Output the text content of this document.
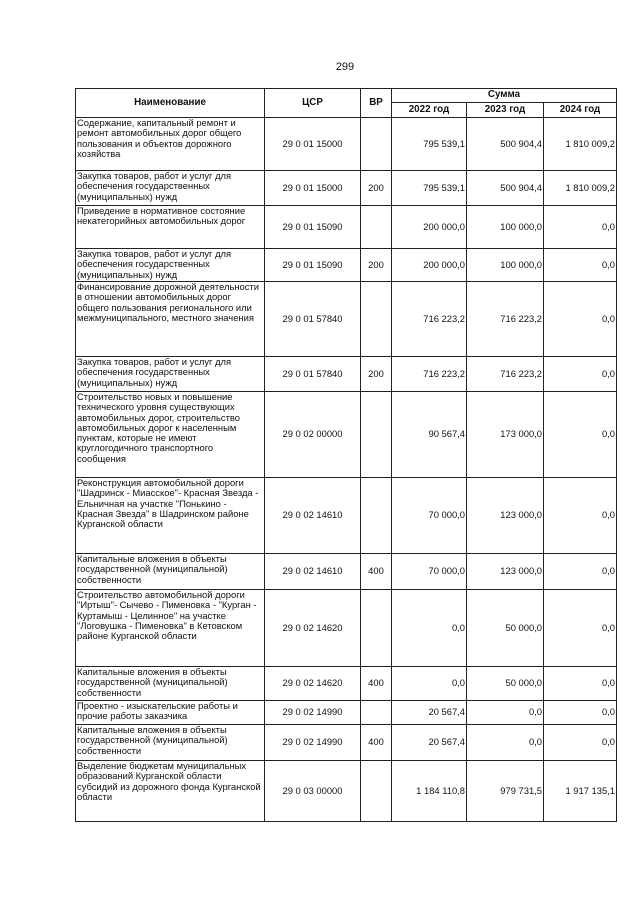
299
Наименование	ЦСР	ВР	Сумма		
			2022 год	2023 год	2024 год
Содержание, капитальный ремонт и ремонт автомобильных дорог общего пользования и объектов дорожного хозяйства	29 0 01 15000		795 539,1	500 904,4	1 810 009,2
Закупка товаров, работ и услуг для обеспечения государственных (муниципальных) нужд	29 0 01 15000	200	795 539,1	500 904,4	1 810 009,2
Приведение в нормативное состояние некатегорийных автомобильных дорог	29 0 01 15090		200 000,0	100 000,0	0,0
Закупка товаров, работ и услуг для обеспечения государственных (муниципальных) нужд	29 0 01 15090	200	200 000,0	100 000,0	0,0
Финансирование дорожной деятельности в отношении автомобильных дорог общего пользования регионального или межмуниципального, местного значения	29 0 01 57840		716 223,2	716 223,2	0,0
Закупка товаров, работ и услуг для обеспечения государственных (муниципальных) нужд	29 0 01 57840	200	716 223,2	716 223,2	0,0
Строительство новых и повышение технического уровня существующих автомобильных дорог, строительство автомобильных дорог к населенным пунктам, которые не имеют круглогодичного транспортного сообщения	29 0 02 00000		90 567,4	173 000,0	0,0
Реконструкция автомобильной дороги "Шадринск - Миасское"- Красная Звезда - Ельничная на участке "Понькино - Красная Звезда" в Шадринском районе Курганской области	29 0 02 14610		70 000,0	123 000,0	0,0
Капитальные вложения в объекты государственной (муниципальной) собственности	29 0 02 14610	400	70 000,0	123 000,0	0,0
Строительство автомобильной дороги "Иртыш"- Сычево - Пименовка - "Курган - Куртамыш - Целинное" на участке "Логовушка - Пименовка" в Кетовском районе Курганской области	29 0 02 14620		0,0	50 000,0	0,0
Капитальные вложения в объекты государственной (муниципальной) собственности	29 0 02 14620	400	0,0	50 000,0	0,0
Проектно - изыскательские работы и прочие работы заказчика	29 0 02 14990		20 567,4	0,0	0,0
Капитальные вложения в объекты государственной (муниципальной) собственности	29 0 02 14990	400	20 567,4	0,0	0,0
Выделение бюджетам муниципальных образований Курганской области субсидий из дорожного фонда Курганской области	29 0 03 00000		1 184 110,8	979 731,5	1 917 135,1
